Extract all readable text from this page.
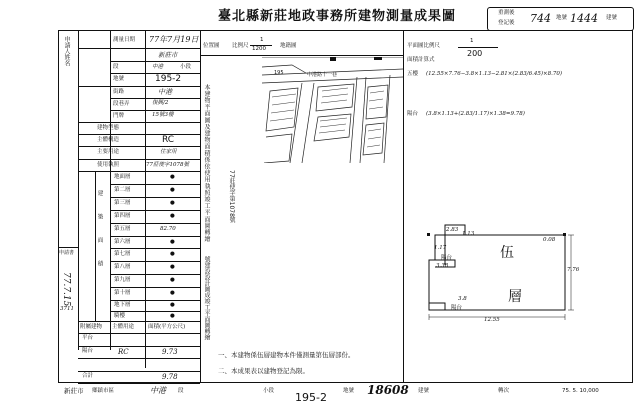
臺北縣新莊地政事務所建物測量成果圖	重測後
登記後 744 地號 1444 建號
申請人姓名	測量日期 77年7月19日
新莊市
段	中港	小段
地號	195-2
街路	中港
段巷弄	復興/2
門牌	15號3樓
建物型態
主體構造	RC
主要用途	住家用
使用執照	77莊使字1078號
建築面積
地面層	●
第二層	●
第三層	●
第四層	●
第五層	82.70
第六層	●
第七層	●
第八層	●
第九層	●
第十層	●
地下層	●
騎樓	●
附屬建物 主體用途	面積(平方公尺)
平台
陽台	RC	9.73
合計	9.78
申請書
77.7.15
3711
位置圖 比例尺
1
1200	地籍圖
中港路十一巷
195
本建物平面圖及建物面積係依使用執照竣工平面圖轉繪	77莊使字第1078號
號建設設計圖成竣工平面圖轉繪
平面圖比例尺
1
200
面積計算式
五樓 (12.55×7.76−3.8×1.13−2.81×(2.83/6.45)×8.70)
陽台 (3.8×1.13+(2.83/1.17)×1.38=9.78)
伍
層
陽台
陽台
12.55
7.76
2.83
1.17
3.38
1.13
3.8
0.08
一、本建物係伍層建物本件僅測量第伍層部份。
二、本成果表以建物登記為限。
新莊市 鄉鎮市區	中港 段	小段 195-2	地號 18608 建號	轉次	75. 5. 10,000
